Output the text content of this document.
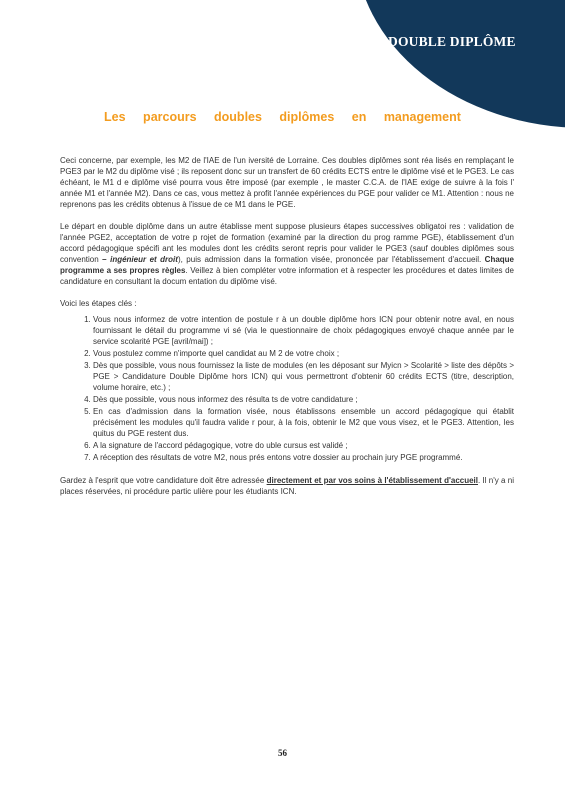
DOUBLE DIPLÔME
Les parcours doubles diplômes en management

Ceci concerne, par exemple, les M2 de l'IAE de l'un iversité de Lorraine. Ces doubles diplômes sont réa lisés en remplaçant le PGE3 par le M2 du diplôme visé ; ils reposent donc sur un transfert de 60 crédits ECTS entre le diplôme visé et le PGE3. Le cas échéant, le M1 d e diplôme visé pourra vous être imposé (par exemple , le master C.C.A. de l'IAE exige de suivre à la fois l' année M1 et l'année M2). Dans ce cas, vous mettez à profit l'année expériences du PGE pour valider ce M1. Attention : nous ne reprenons pas les crédits obtenus à l'issue de ce M1 dans le PGE.

Le départ en double diplôme dans un autre établisse ment suppose plusieurs étapes successives obligatoi res : validation de l'année PGE2, acceptation de votre p rojet de formation (examiné par la direction du prog ramme PGE), établissement d'un accord pédagogique spécifi ant les modules dont les crédits seront repris pour valider le PGE3 (sauf doubles diplômes sous convention – ingénieur et droit), puis admission dans la formation visée, prononcée par l'établissement d'accueil. Chaque programme a ses propres règles. Veillez à bien compléter votre information et à respecter les procédures et dates limites de candidature en consultant la docum entation du diplôme visé.

Voici les étapes clés :

1. Vous nous informez de votre intention de postule r à un double diplôme hors ICN pour obtenir notre aval, en nous fournissant le détail du programme vi sé (via le questionnaire de choix pédagogiques envoyé chaque année par le service scolarité PGE [avril/mai]) ;
2. Vous postulez comme n'importe quel candidat au M 2 de votre choix ;
3. Dès que possible, vous nous fournissez la liste de modules (en les déposant sur Myicn > Scolarité > liste des dépôts > PGE > Candidature Double Diplôme hors ICN) qui vous permettront d'obtenir 60 crédits ECTS (titre, description, volume horaire, etc.) ;
4. Dès que possible, vous nous informez des résulta ts de votre candidature ;
5. En cas d'admission dans la formation visée, nous établissons ensemble un accord pédagogique qui établit précisément les modules qu'il faudra valide r pour, à la fois, obtenir le M2 que vous visez, et le PGE3. Attention, les quitus du PGE restent dus.
6. A la signature de l'accord pédagogique, votre do uble cursus est validé ;
7. A réception des résultats de votre M2, nous prés entons votre dossier au prochain jury PGE programmé.

Gardez à l'esprit que votre candidature doit être adressée directement et par vos soins à l'établissement d'accueil. Il n'y a ni places réservées, ni procédure partic ulière pour les étudiants ICN.

56
